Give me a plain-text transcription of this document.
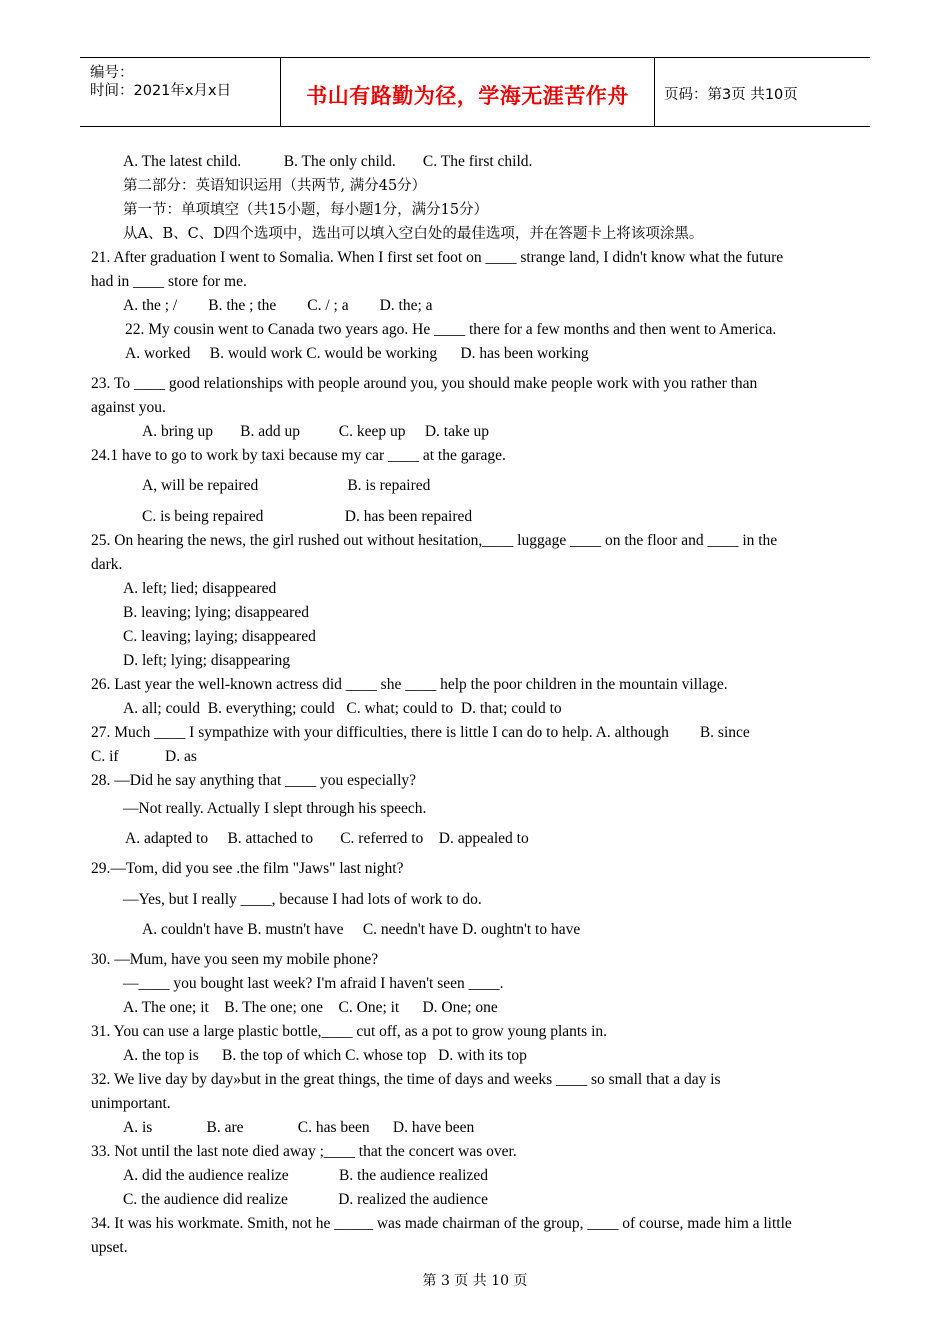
编号：
时间：2021年x月x日	书山有路勤为径，学海无涯苦作舟	页码：第3页 共10页
A. The latest child.           B. The only child.       C. The first child.
第二部分：英语知识运用（共两节, 满分45分）
第一节：单项填空（共15小题，每小题1分，满分15分）
从A、B、C、D四个选项中，选出可以填入空白处的最佳选项，并在答题卡上将该项涂黑。
21. After graduation I went to Somalia. When I first set foot on ____ strange land, I didn't know what the future
had in ____ store for me.
A. the ; /        B. the ; the        C. / ; a        D. the; a
22. My cousin went to Canada two years ago. He ____ there for a few months and then went to America.
A. worked     B. would work C. would be working      D. has been working
23. To ____ good relationships with people around you, you should make people work with you rather than
against you.
A. bring up       B. add up          C. keep up     D. take up
24.1 have to go to work by taxi because my car ____ at the garage.
A, will be repaired                       B. is repaired
C. is being repaired                     D. has been repaired
25. On hearing the news, the girl rushed out without hesitation,____ luggage ____ on the floor and ____ in the
dark.
A. left; lied; disappeared
B. leaving; lying; disappeared
C. leaving; laying; disappeared
D. left; lying; disappearing
26. Last year the well-known actress did ____ she ____ help the poor children in the mountain village.
A. all; could  B. everything; could   C. what; could to  D. that; could to
27. Much ____ I sympathize with your difficulties, there is little I can do to help. A. although        B. since
C. if            D. as
28. —Did he say anything that ____ you especially?
—Not really. Actually I slept through his speech.
A. adapted to     B. attached to       C. referred to    D. appealed to
29.—Tom, did you see .the film "Jaws" last night?
—Yes, but I really ____, because I had lots of work to do.
A. couldn't have B. mustn't have     C. needn't have D. oughtn't to have
30. —Mum, have you seen my mobile phone?
—____ you bought last week? I'm afraid I haven't seen ____.
A. The one; it    B. The one; one    C. One; it      D. One; one
31. You can use a large plastic bottle,____ cut off, as a pot to grow young plants in.
A. the top is      B. the top of which C. whose top   D. with its top
32. We live day by day»but in the great things, the time of days and weeks ____ so small that a day is
unimportant.
A. is              B. are              C. has been      D. have been
33. Not until the last note died away ;____ that the concert was over.
A. did the audience realize             B. the audience realized
C. the audience did realize             D. realized the audience
34. It was his workmate. Smith, not he _____ was made chairman of the group, ____ of course, made him a little
upset.
第 3 页 共 10 页
